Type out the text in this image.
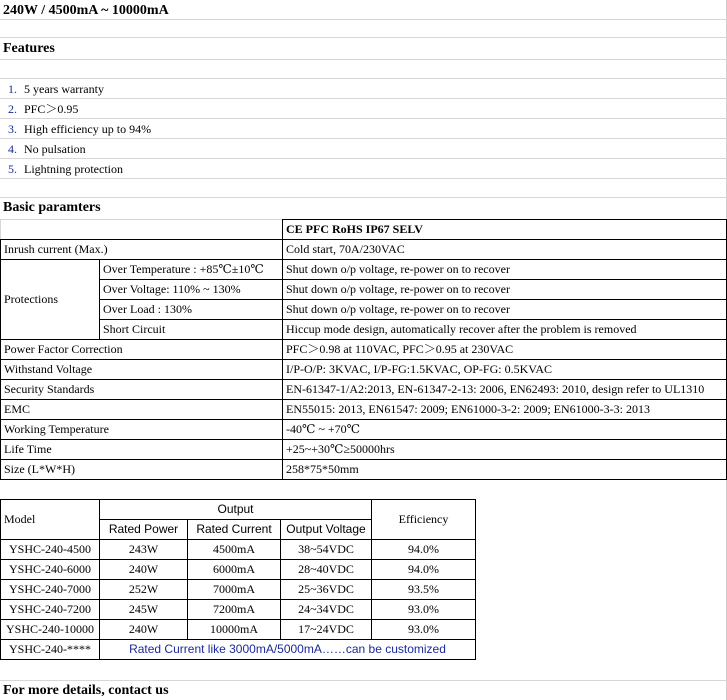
240W / 4500mA ~ 10000mA
Features
1. 5 years warranty
2. PFC＞0.95
3. High efficiency up to 94%
4. No pulsation
5. Lightning protection
Basic paramters
		CE PFC RoHS IP67 SELV
Inrush current (Max.)		Cold start, 70A/230VAC
Protections	Over Temperature : +85℃±10℃	Shut down o/p voltage, re-power on to recover
	Over Voltage: 110% ~ 130%	Shut down o/p voltage, re-power on to recover
	Over Load : 130%	Shut down o/p voltage, re-power on to recover
	Short Circuit	Hiccup mode design, automatically recover after the problem is removed
Power Factor Correction		PFC＞0.98 at 110VAC, PFC＞0.95 at 230VAC
Withstand Voltage		I/P-O/P: 3KVAC, I/P-FG:1.5KVAC, OP-FG: 0.5KVAC
Security Standards		EN-61347-1/A2:2013, EN-61347-2-13: 2006, EN62493: 2010, design refer to UL1310
EMC		EN55015: 2013, EN61547: 2009; EN61000-3-2: 2009; EN61000-3-3: 2013
Working Temperature		-40℃ ~ +70℃
Life Time		+25~+30℃≥50000hrs
Size (L*W*H)		258*75*50mm
Model	Output			Efficiency
	Rated Power	Rated Current	Output Voltage	
YSHC-240-4500	243W	4500mA	38~54VDC	94.0%
YSHC-240-6000	240W	6000mA	28~40VDC	94.0%
YSHC-240-7000	252W	7000mA	25~36VDC	93.5%
YSHC-240-7200	245W	7200mA	24~34VDC	93.0%
YSHC-240-10000	240W	10000mA	17~24VDC	93.0%
YSHC-240-****	Rated Current like 3000mA/5000mA……can be customized			
For more details, contact us
